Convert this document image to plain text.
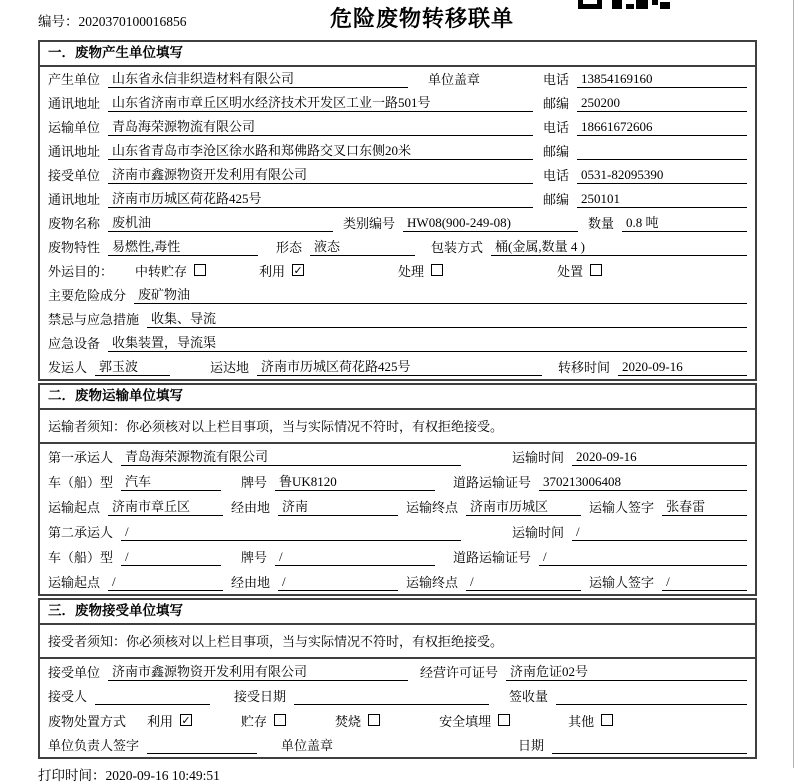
编号：2020370100016856	危险废物转移联单
一．废物产生单位填写
产生单位 山东省永信非织造材料有限公司	单位盖章	电话 13854169160
通讯地址 山东省济南市章丘区明水经济技术开发区工业一路501号	邮编 250200
运输单位 青岛海荣源物流有限公司	电话 18661672606
通讯地址 山东省青岛市李沧区徐水路和郑佛路交叉口东侧20米	邮编
接受单位 济南市鑫源物资开发利用有限公司	电话 0531-82095390
通讯地址 济南市历城区荷花路425号	邮编 250101
废物名称 废机油	类别编号 HW08(900-249-08)	数量 0.8 吨
废物特性 易燃性,毒性	形态 液态	包装方式 桶(金属,数量 4 )
外运目的： 中转贮存	利用 ✓	处理	处置
主要危险成分 废矿物油
禁忌与应急措施 收集、导流
应急设备 收集装置，导流渠
发运人 郭玉波	运达地 济南市历城区荷花路425号	转移时间 2020-09-16
二．废物运输单位填写
运输者须知：你必须核对以上栏目事项，当与实际情况不符时，有权拒绝接受。
第一承运人 青岛海荣源物流有限公司	运输时间 2020-09-16
车（船）型 汽车	牌号 鲁UK8120	道路运输证号 370213006408
运输起点 济南市章丘区	经由地 济南	运输终点 济南市历城区	运输人签字 张春雷
第二承运人 /	运输时间 /
车（船）型 /	牌号 /	道路运输证号 /
运输起点 /	经由地 /	运输终点 /	运输人签字 /
三．废物接受单位填写
接受者须知：你必须核对以上栏目事项，当与实际情况不符时，有权拒绝接受。
接受单位 济南市鑫源物资开发利用有限公司	经营许可证号 济南危证02号
接受人	接受日期	签收量
废物处置方式 利用 ✓	贮存	焚烧	安全填埋	其他
单位负责人签字	单位盖章	日期
打印时间：2020-09-16 10:49:51
